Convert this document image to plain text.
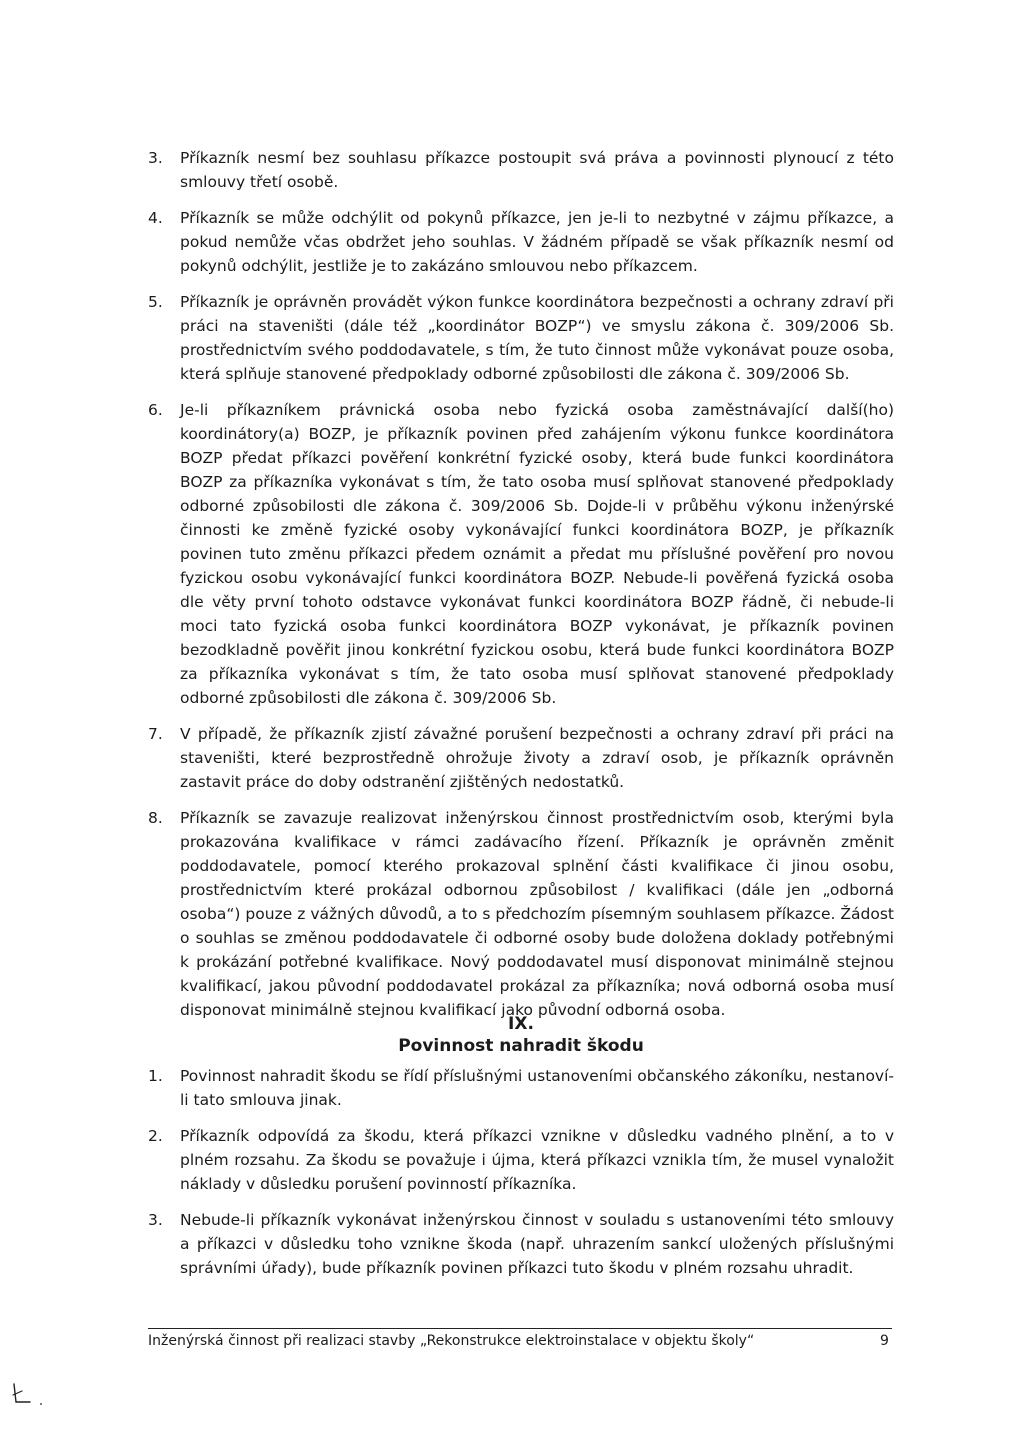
3. Příkazník nesmí bez souhlasu příkazce postoupit svá práva a povinnosti plynoucí z této smlouvy třetí osobě.
4. Příkazník se může odchýlit od pokynů příkazce, jen je-li to nezbytné v zájmu příkazce, a pokud nemůže včas obdržet jeho souhlas. V žádném případě se však příkazník nesmí od pokynů odchýlit, jestliže je to zakázáno smlouvou nebo příkazcem.
5. Příkazník je oprávněn provádět výkon funkce koordinátora bezpečnosti a ochrany zdraví při práci na staveništi (dále též „koordinátor BOZP“) ve smyslu zákona č. 309/2006 Sb. prostřednictvím svého poddodavatele, s tím, že tuto činnost může vykonávat pouze osoba, která splňuje stanovené předpoklady odborné způsobilosti dle zákona č. 309/2006 Sb.
6. Je-li příkazníkem právnická osoba nebo fyzická osoba zaměstnávající další(ho) koordinátory(a) BOZP, je příkazník povinen před zahájením výkonu funkce koordinátora BOZP předat příkazci pověření konkrétní fyzické osoby, která bude funkci koordinátora BOZP za příkazníka vykonávat s tím, že tato osoba musí splňovat stanovené předpoklady odborné způsobilosti dle zákona č. 309/2006 Sb. Dojde-li v průběhu výkonu inženýrské činnosti ke změně fyzické osoby vykonávající funkci koordinátora BOZP, je příkazník povinen tuto změnu příkazci předem oznámit a předat mu příslušné pověření pro novou fyzickou osobu vykonávající funkci koordinátora BOZP. Nebude-li pověřená fyzická osoba dle věty první tohoto odstavce vykonávat funkci koordinátora BOZP řádně, či nebude-li moci tato fyzická osoba funkci koordinátora BOZP vykonávat, je příkazník povinen bezodkladně pověřit jinou konkrétní fyzickou osobu, která bude funkci koordinátora BOZP za příkazníka vykonávat s tím, že tato osoba musí splňovat stanovené předpoklady odborné způsobilosti dle zákona č. 309/2006 Sb.
7. V případě, že příkazník zjistí závažné porušení bezpečnosti a ochrany zdraví při práci na staveništi, které bezprostředně ohrožuje životy a zdraví osob, je příkazník oprávněn zastavit práce do doby odstranění zjištěných nedostatků.
8. Příkazník se zavazuje realizovat inženýrskou činnost prostřednictvím osob, kterými byla prokazována kvalifikace v rámci zadávacího řízení. Příkazník je oprávněn změnit poddodavatele, pomocí kterého prokazoval splnění části kvalifikace či jinou osobu, prostřednictvím které prokázal odbornou způsobilost / kvalifikaci (dále jen „odborná osoba“) pouze z vážných důvodů, a to s předchozím písemným souhlasem příkazce. Žádost o souhlas se změnou poddodavatele či odborné osoby bude doložena doklady potřebnými k prokázání potřebné kvalifikace. Nový poddodavatel musí disponovat minimálně stejnou kvalifikací, jakou původní poddodavatel prokázal za příkazníka; nová odborná osoba musí disponovat minimálně stejnou kvalifikací jako původní odborná osoba.
IX.
Povinnost nahradit škodu
1. Povinnost nahradit škodu se řídí příslušnými ustanoveními občanského zákoníku, nestanoví-li tato smlouva jinak.
2. Příkazník odpovídá za škodu, která příkazci vznikne v důsledku vadného plnění, a to v plném rozsahu. Za škodu se považuje i újma, která příkazci vznikla tím, že musel vynaložit náklady v důsledku porušení povinností příkazníka.
3. Nebude-li příkazník vykonávat inženýrskou činnost v souladu s ustanoveními této smlouvy a příkazci v důsledku toho vznikne škoda (např. uhrazením sankcí uložených příslušnými správními úřady), bude příkazník povinen příkazci tuto škodu v plném rozsahu uhradit.
Inženýrská činnost při realizaci stavby „Rekonstrukce elektroinstalace v objektu školy“	9
